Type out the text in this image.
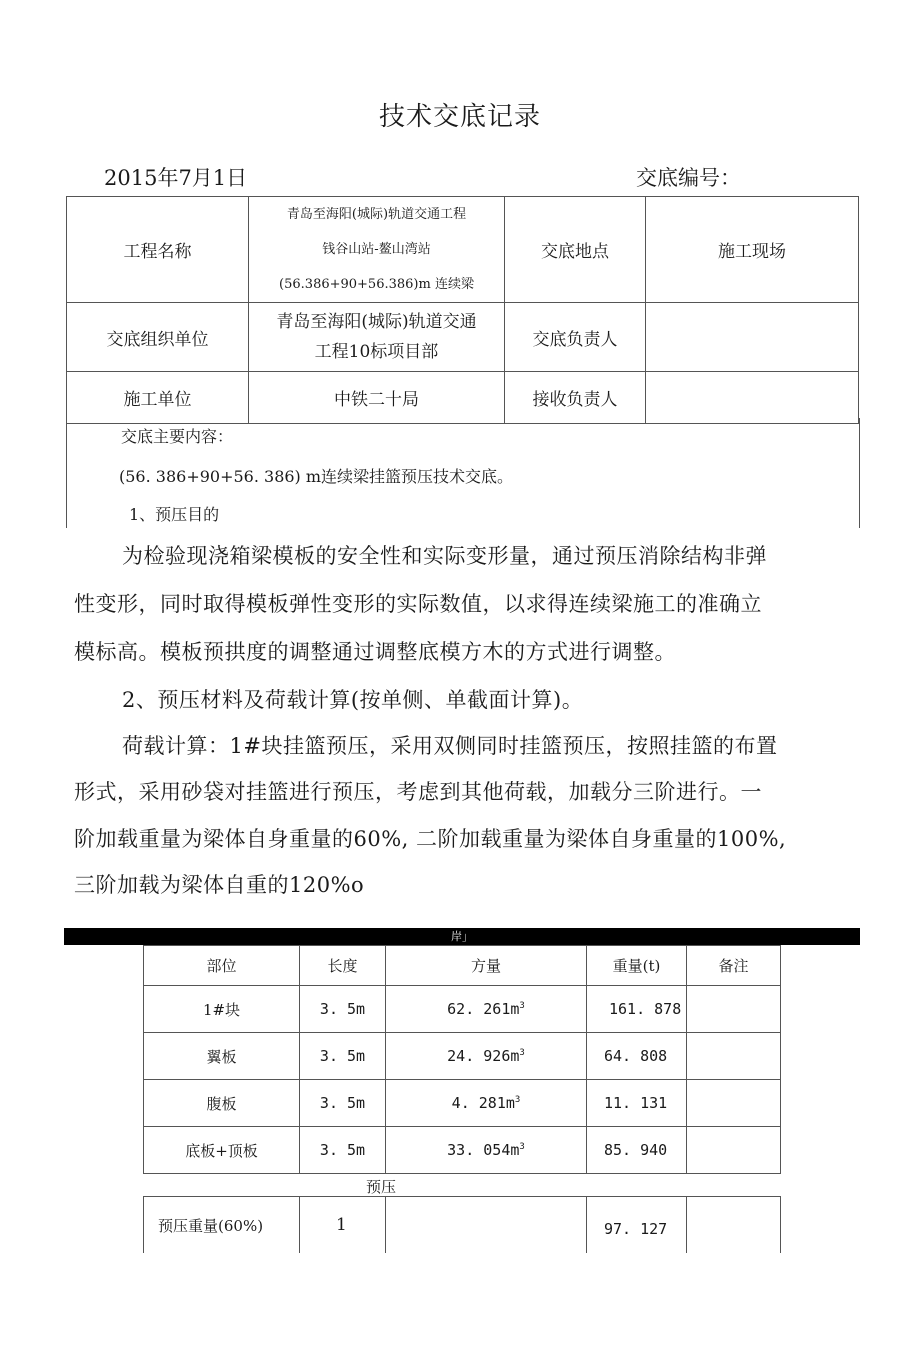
技术交底记录
2015年7月1日	交底编号：
工程名称	青岛至海阳(城际)轨道交通工程
钱谷山站-鳌山湾站
(56.386+90+56.386)m 连续梁	交底地点	施工现场
交底组织单位	青岛至海阳(城际)轨道交通
工程10标项目部	交底负责人	
施工单位	中铁二十局	接收负责人	
交底主要内容：
(56. 386+90+56. 386) m连续梁挂篮预压技术交底。
1、预压目的
为检验现浇箱梁模板的安全性和实际变形量，通过预压消除结构非弹
性变形，同时取得模板弹性变形的实际数值，以求得连续梁施工的准确立
模标高。模板预拱度的调整通过调整底模方木的方式进行调整。
2、预压材料及荷载计算(按单侧、单截面计算)。
荷载计算：1#块挂篮预压，采用双侧同时挂篮预压，按照挂篮的布置
形式，采用砂袋对挂篮进行预压，考虑到其他荷载，加载分三阶进行。一
阶加载重量为梁体自身重量的60%, 二阶加载重量为梁体自身重量的100%,
三阶加载为梁体自重的120%o
岸」
部位	长度	方量	重量(t)	备注
1#块	3. 5m	62. $261m^3$	161. 878	
翼板	3. 5m	24. $926m^3$	64. 808	
腹板	3. 5m	4. $281m^3$	11. 131	
底板+顶板	3. 5m	33. $054m^3$	85. 940	
预压
预压重量(60%)	1		97. 127	
